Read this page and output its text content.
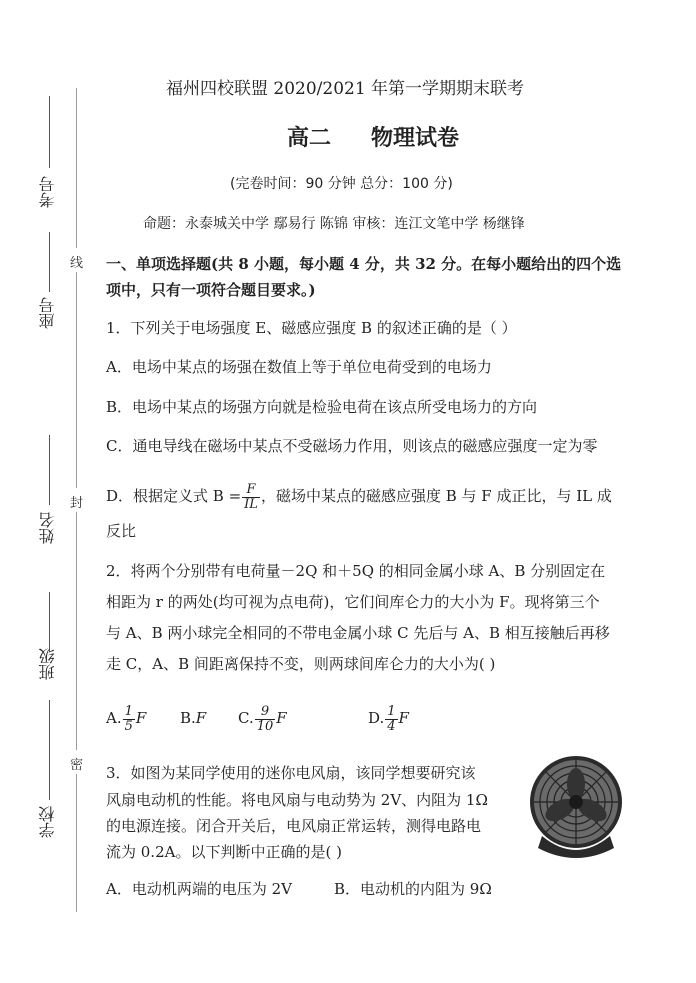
考号
座号
姓名
班级
学校
线
封
密
福州四校联盟 2020/2021 年第一学期期末联考
高二 物理试卷
(完卷时间：90 分钟 总分：100 分)
命题：永泰城关中学 鄢易行 陈锦 审核：连江文笔中学 杨继锋
一、单项选择题(共 8 小题，每小题 4 分，共 32 分。在每小题给出的四个选
项中，只有一项符合题目要求。)
1．下列关于电场强度 E、磁感应强度 B 的叙述正确的是（ ）
A．电场中某点的场强在数值上等于单位电荷受到的电场力
B．电场中某点的场强方向就是检验电荷在该点所受电场力的方向
C．通电导线在磁场中某点不受磁场力作用，则该点的磁感应强度一定为零
D．根据定义式 $B = \frac{F}{IL}$ ，磁场中某点的磁感应强度 B 与 F 成正比，与 IL 成
反比
2．将两个分别带有电荷量－2Q 和＋5Q 的相同金属小球 A、B 分别固定在
相距为 r 的两处(均可视为点电荷)，它们间库仑力的大小为 F。现将第三个
与 A、B 两小球完全相同的不带电金属小球 C 先后与 A、B 相互接触后再移
走 C，A、B 间距离保持不变，则两球间库仑力的大小为( )
A. $\frac{1}{5}$ F B.F C. $\frac{9}{10}$ F	D. $\frac{1}{4}$ F
3．如图为某同学使用的迷你电风扇，该同学想要研究该
风扇电动机的性能。将电风扇与电动势为 2V、内阻为 1Ω
的电源连接。闭合开关后，电风扇正常运转，测得电路电
流为 0.2A。以下判断中正确的是( )
A．电动机两端的电压为 2V	B．电动机的内阻为 9Ω
